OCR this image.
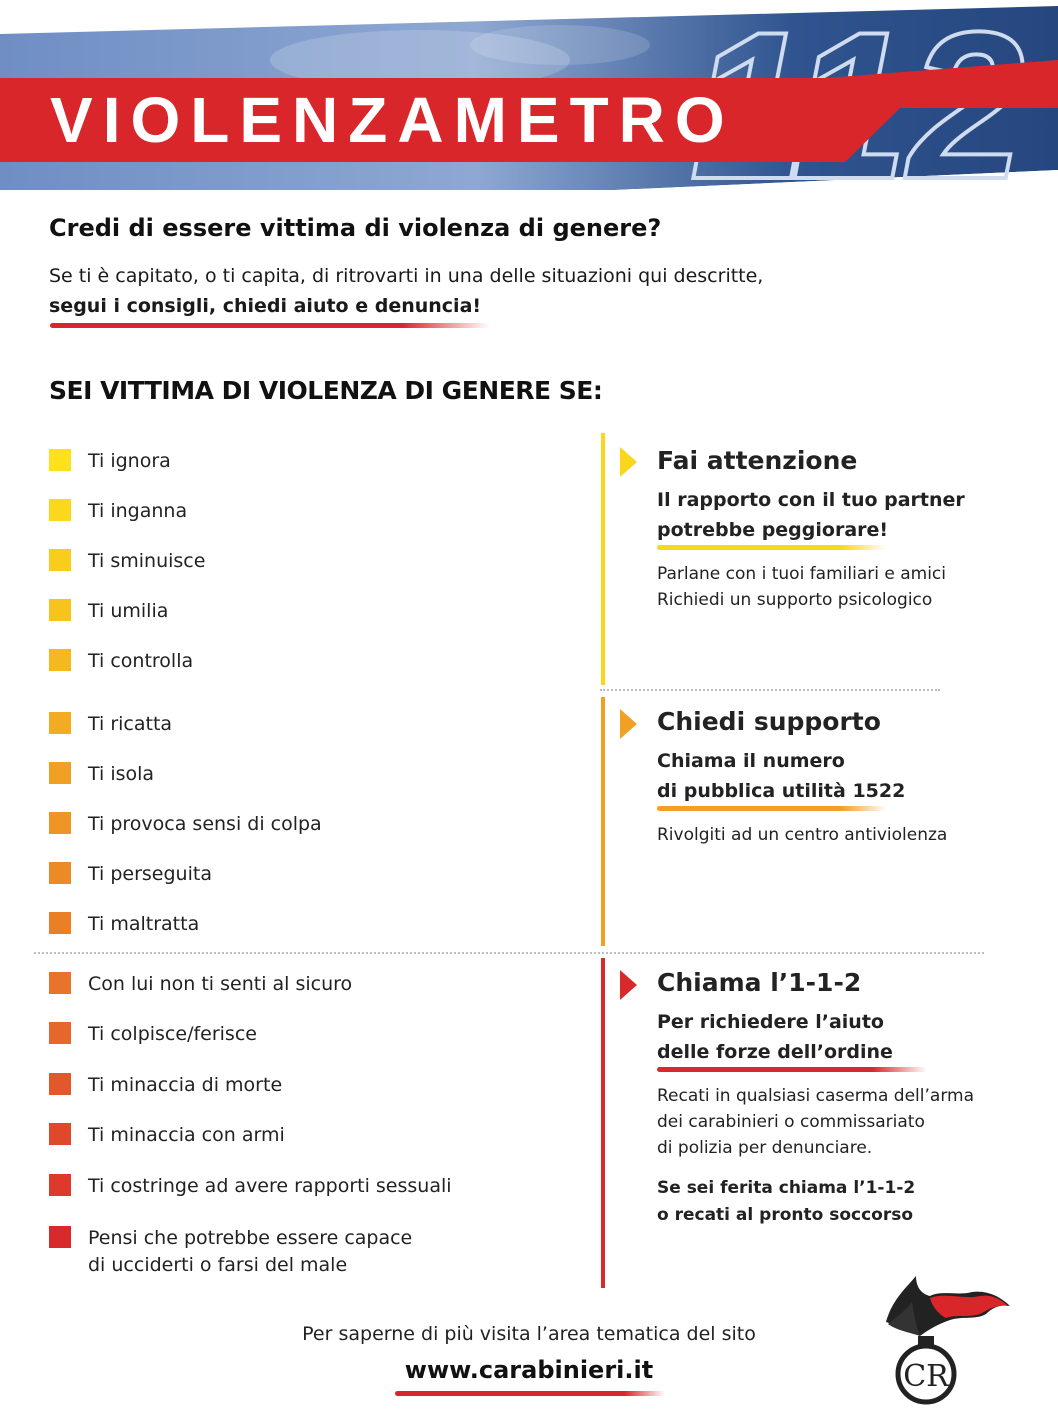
VIOLENZAMETRO
Credi di essere vittima di violenza di genere?
Se ti è capitato, o ti capita, di ritrovarti in una delle situazioni qui descritte,
segui i consigli, chiedi aiuto e denuncia!
SEI VITTIMA DI VIOLENZA DI GENERE SE:
Ti ignora
Ti inganna
Ti sminuisce
Ti umilia
Ti controlla
Ti ricatta
Ti isola
Ti provoca sensi di colpa
Ti perseguita
Ti maltratta
Con lui non ti senti al sicuro
Ti colpisce/ferisce
Ti minaccia di morte
Ti minaccia con armi
Ti costringe ad avere rapporti sessuali
Pensi che potrebbe essere capace
di ucciderti o farsi del male
Fai attenzione
Il rapporto con il tuo partner
potrebbe peggiorare!
Parlane con i tuoi familiari e amici
Richiedi un supporto psicologico
Chiedi supporto
Chiama il numero
di pubblica utilità 1522
Rivolgiti ad un centro antiviolenza
Chiama l’1-1-2
Per richiedere l’aiuto
delle forze dell’ordine
Recati in qualsiasi caserma dell’arma
dei carabinieri o commissariato
di polizia per denunciare.
Se sei ferita chiama l’1-1-2
o recati al pronto soccorso
Per saperne di più visita l’area tematica del sito
www.carabinieri.it	CR
